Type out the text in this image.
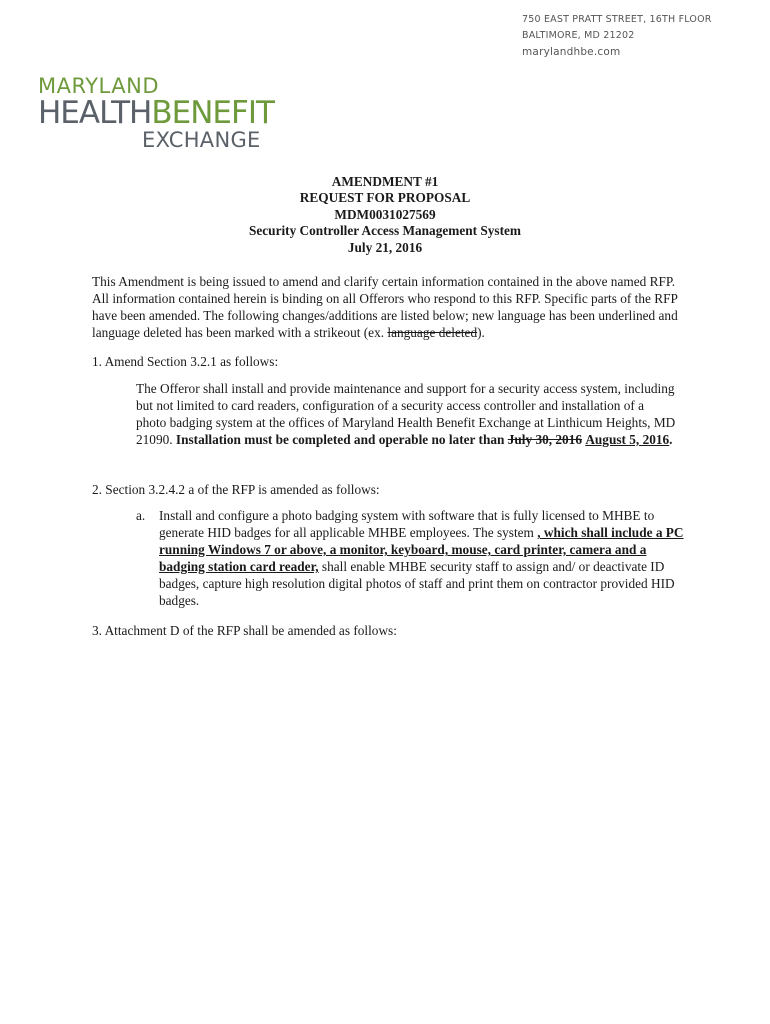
750 EAST PRATT STREET, 16TH FLOOR
BALTIMORE, MD 21202
marylandhbe.com
MARYLAND
HEALTHBENEFIT
EXCHANGE
AMENDMENT #1
REQUEST FOR PROPOSAL
MDM0031027569
Security Controller Access Management System
July 21, 2016
This Amendment is being issued to amend and clarify certain information contained in the above named RFP. All information contained herein is binding on all Offerors who respond to this RFP. Specific parts of the RFP have been amended. The following changes/additions are listed below; new language has been underlined and language deleted has been marked with a strikeout (ex. language deleted).
1. Amend Section 3.2.1 as follows:
The Offeror shall install and provide maintenance and support for a security access system, including but not limited to card readers, configuration of a security access controller and installation of a photo badging system at the offices of Maryland Health Benefit Exchange at Linthicum Heights, MD 21090. Installation must be completed and operable no later than July 30, 2016 August 5, 2016.
2. Section 3.2.4.2 a of the RFP is amended as follows:
a.	Install and configure a photo badging system with software that is fully licensed to MHBE to generate HID badges for all applicable MHBE employees. The system , which shall include a PC running Windows 7 or above, a monitor, keyboard, mouse, card printer, camera and a badging station card reader, shall enable MHBE security staff to assign and/ or deactivate ID badges, capture high resolution digital photos of staff and print them on contractor provided HID badges.
3. Attachment D of the RFP shall be amended as follows:
